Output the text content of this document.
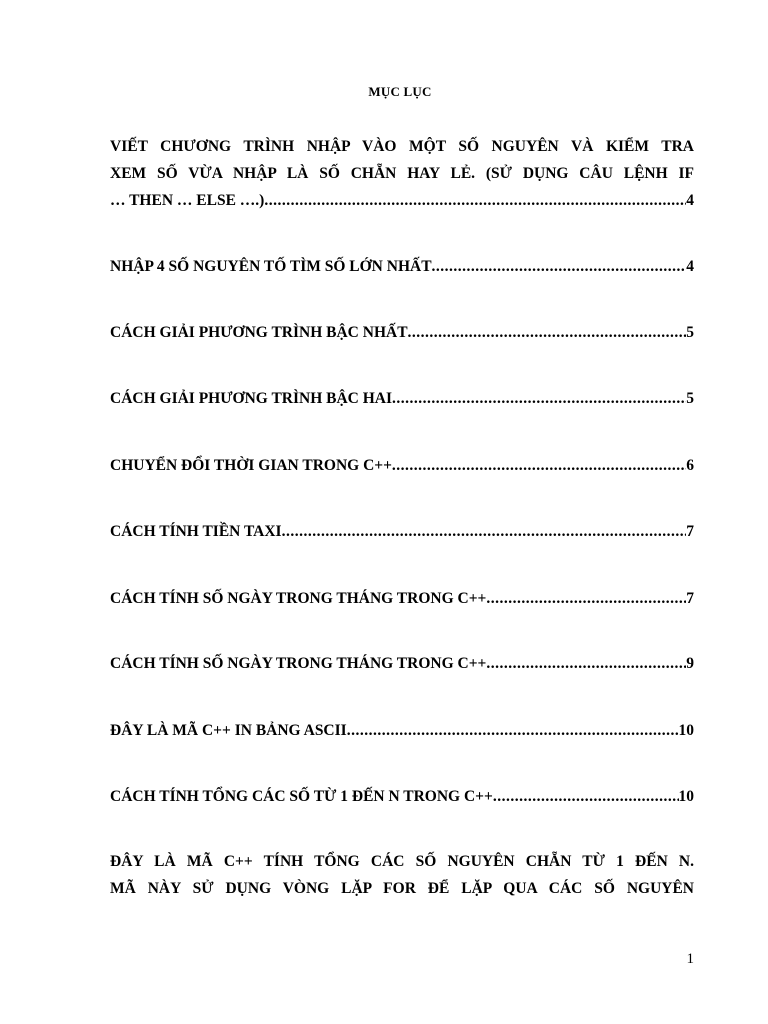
MỤC LỤC
VIẾT CHƯƠNG TRÌNH NHẬP VÀO MỘT SỐ NGUYÊN VÀ KIỂM TRA
XEM SỐ VỪA NHẬP LÀ SỐ CHẴN HAY LẺ. (SỬ DỤNG CÂU LỆNH IF
… THEN … ELSE ….) .....	4
NHẬP 4 SỐ NGUYÊN TỐ TÌM SỐ LỚN NHẤT .....	4
CÁCH GIẢI PHƯƠNG TRÌNH BẬC NHẤT .....	5
CÁCH GIẢI PHƯƠNG TRÌNH BẬC HAI .....	5
CHUYỂN ĐỔI THỜI GIAN TRONG C++ .....	6
CÁCH TÍNH TIỀN TAXI .....	7
CÁCH TÍNH SỐ NGÀY TRONG THÁNG TRONG C++ .....	7
CÁCH TÍNH SỐ NGÀY TRONG THÁNG TRONG C++ .....	9
ĐÂY LÀ MÃ C++ IN BẢNG ASCII .....	10
CÁCH TÍNH TỔNG CÁC SỐ TỪ 1 ĐẾN N TRONG C++ .....	10
ĐÂY LÀ MÃ C++ TÍNH TỔNG CÁC SỐ NGUYÊN CHẴN TỪ 1 ĐẾN N.
MÃ NÀY SỬ DỤNG VÒNG LẶP FOR ĐỂ LẶP QUA CÁC SỐ NGUYÊN
1
